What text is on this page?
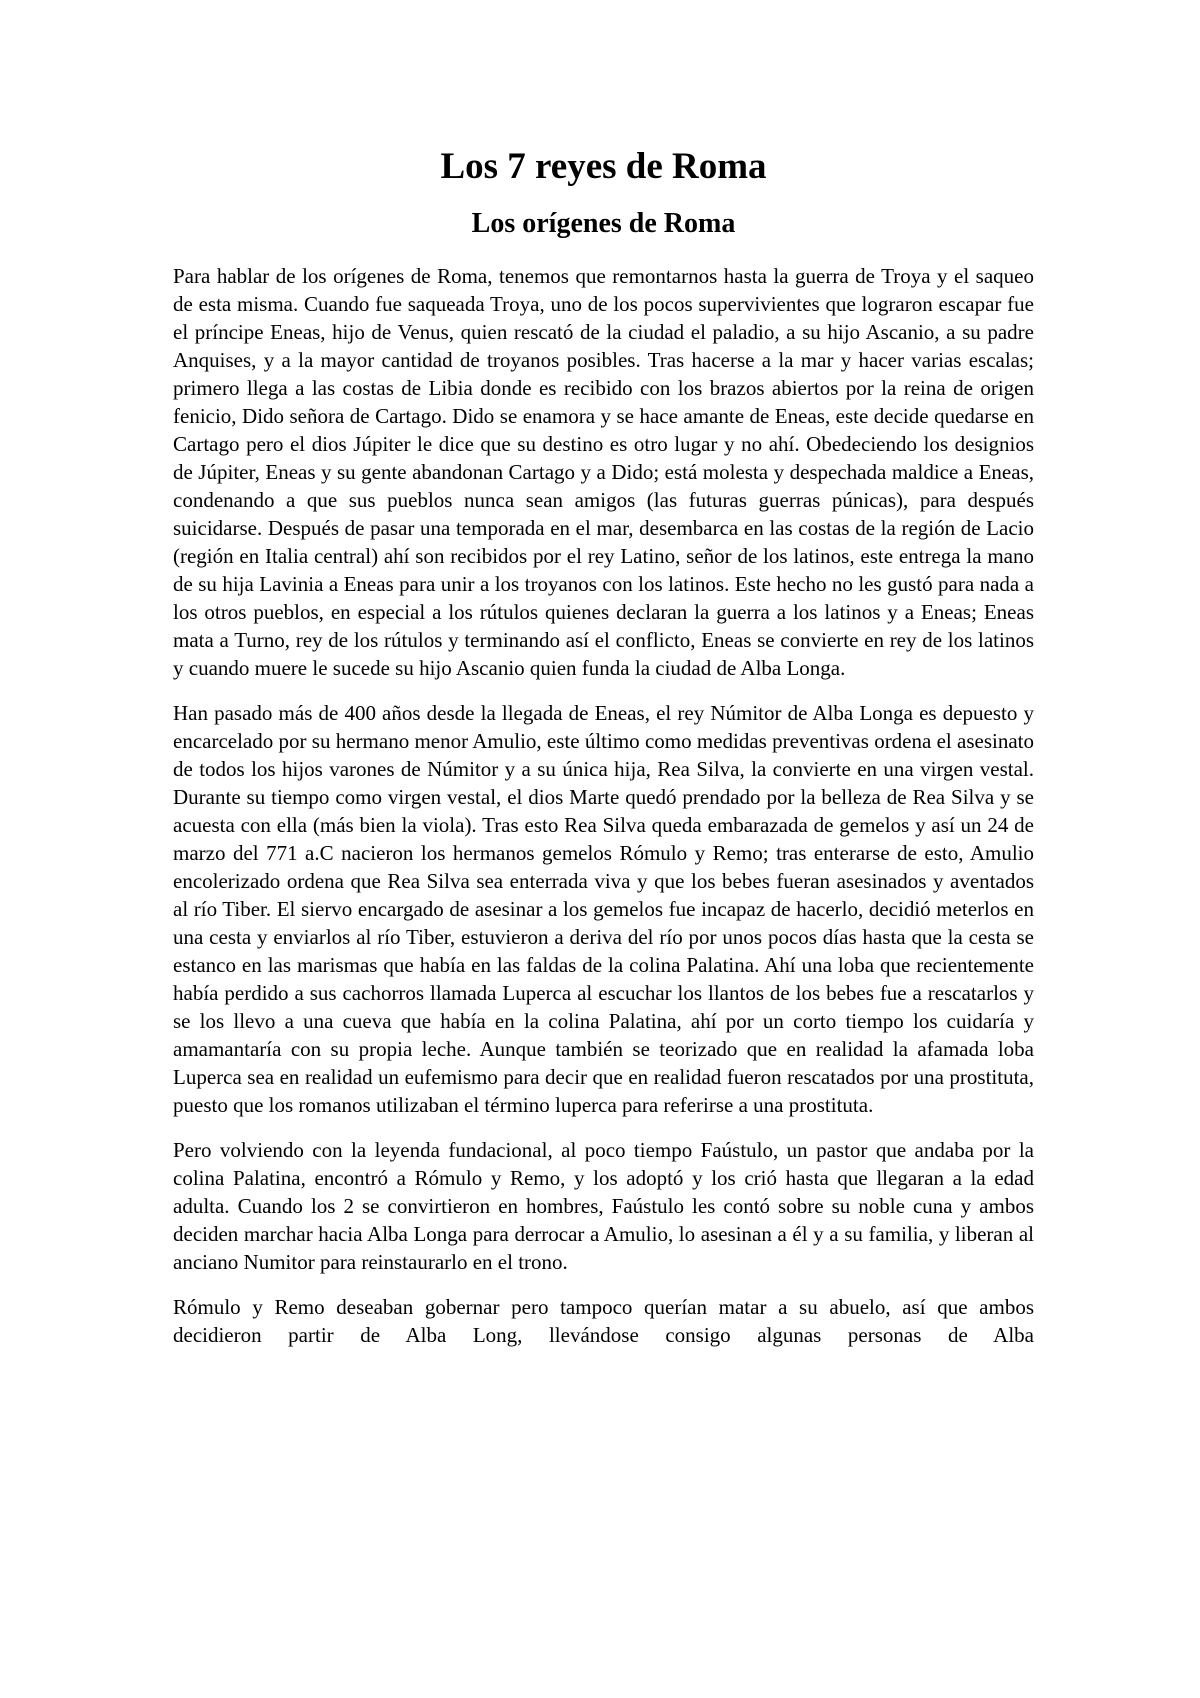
Los 7 reyes de Roma
Los orígenes de Roma

Para hablar de los orígenes de Roma, tenemos que remontarnos hasta la guerra de Troya y el saqueo de esta misma. Cuando fue saqueada Troya, uno de los pocos supervivientes que lograron escapar fue el príncipe Eneas, hijo de Venus, quien rescató de la ciudad el paladio, a su hijo Ascanio, a su padre Anquises, y a la mayor cantidad de troyanos posibles. Tras hacerse a la mar y hacer varias escalas; primero llega a las costas de Libia donde es recibido con los brazos abiertos por la reina de origen fenicio, Dido señora de Cartago. Dido se enamora y se hace amante de Eneas, este decide quedarse en Cartago pero el dios Júpiter le dice que su destino es otro lugar y no ahí. Obedeciendo los designios de Júpiter, Eneas y su gente abandonan Cartago y a Dido; está molesta y despechada maldice a Eneas, condenando a que sus pueblos nunca sean amigos (las futuras guerras púnicas), para después suicidarse. Después de pasar una temporada en el mar, desembarca en las costas de la región de Lacio (región en Italia central) ahí son recibidos por el rey Latino, señor de los latinos, este entrega la mano de su hija Lavinia a Eneas para unir a los troyanos con los latinos. Este hecho no les gustó para nada a los otros pueblos, en especial a los rútulos quienes declaran la guerra a los latinos y a Eneas; Eneas mata a Turno, rey de los rútulos y terminando así el conflicto, Eneas se convierte en rey de los latinos y cuando muere le sucede su hijo Ascanio quien funda la ciudad de Alba Longa.

Han pasado más de 400 años desde la llegada de Eneas, el rey Númitor de Alba Longa es depuesto y encarcelado por su hermano menor Amulio, este último como medidas preventivas ordena el asesinato de todos los hijos varones de Númitor y a su única hija, Rea Silva, la convierte en una virgen vestal. Durante su tiempo como virgen vestal, el dios Marte quedó prendado por la belleza de Rea Silva y se acuesta con ella (más bien la viola). Tras esto Rea Silva queda embarazada de gemelos y así un 24 de marzo del 771 a.C nacieron los hermanos gemelos Rómulo y Remo; tras enterarse de esto, Amulio encolerizado ordena que Rea Silva sea enterrada viva y que los bebes fueran asesinados y aventados al río Tiber. El siervo encargado de asesinar a los gemelos fue incapaz de hacerlo, decidió meterlos en una cesta y enviarlos al río Tiber, estuvieron a deriva del río por unos pocos días hasta que la cesta se estanco en las marismas que había en las faldas de la colina Palatina. Ahí una loba que recientemente había perdido a sus cachorros llamada Luperca al escuchar los llantos de los bebes fue a rescatarlos y se los llevo a una cueva que había en la colina Palatina, ahí por un corto tiempo los cuidaría y amamantaría con su propia leche. Aunque también se teorizado que en realidad la afamada loba Luperca sea en realidad un eufemismo para decir que en realidad fueron rescatados por una prostituta, puesto que los romanos utilizaban el término luperca para referirse a una prostituta.

Pero volviendo con la leyenda fundacional, al poco tiempo Faústulo, un pastor que andaba por la colina Palatina, encontró a Rómulo y Remo, y los adoptó y los crió hasta que llegaran a la edad adulta. Cuando los 2 se convirtieron en hombres, Faústulo les contó sobre su noble cuna y ambos deciden marchar hacia Alba Longa para derrocar a Amulio, lo asesinan a él y a su familia, y liberan al anciano Numitor para reinstaurarlo en el trono.

Rómulo y Remo deseaban gobernar pero tampoco querían matar a su abuelo, así que ambos decidieron partir de Alba Long, llevándose consigo algunas personas de Alba
